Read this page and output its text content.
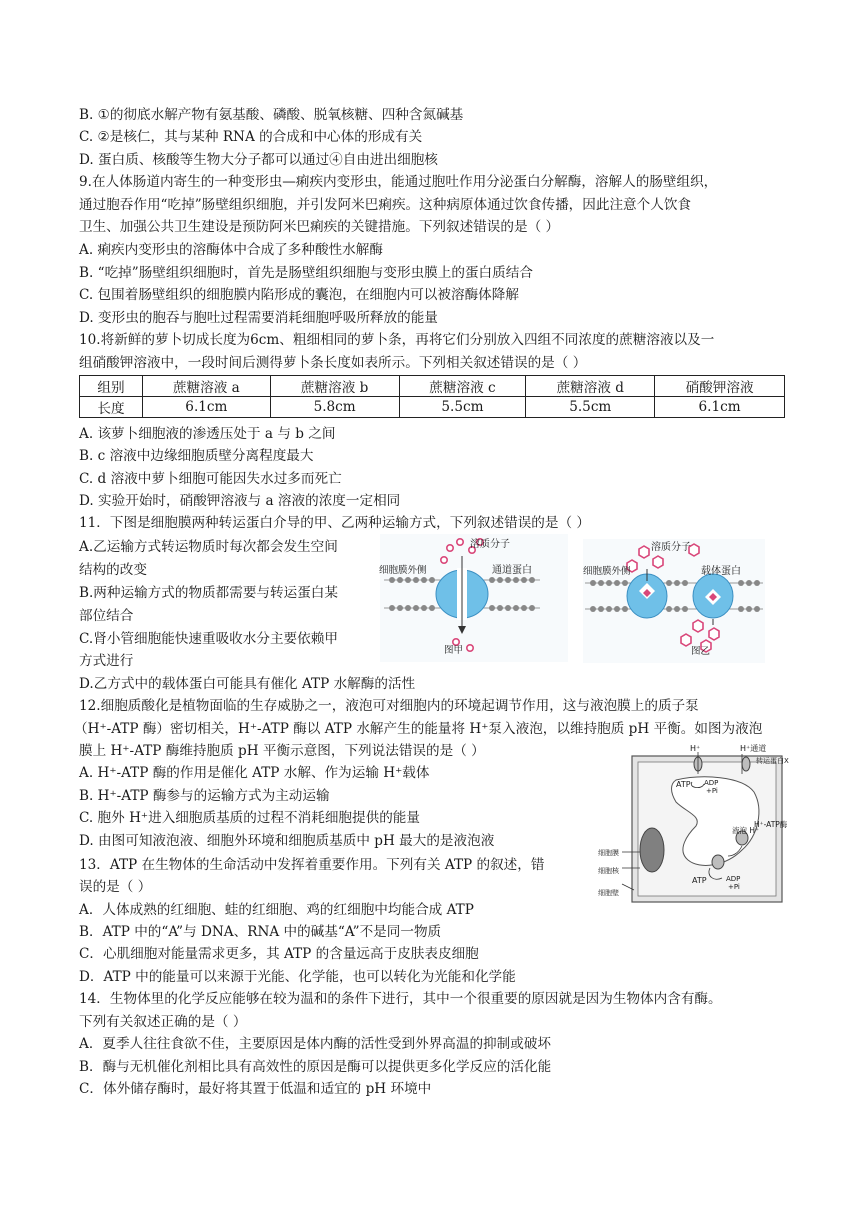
B. ①的彻底水解产物有氨基酸、磷酸、脱氧核糖、四种含氮碱基
C. ②是核仁，其与某种 RNA 的合成和中心体的形成有关
D. 蛋白质、核酸等生物大分子都可以通过④自由进出细胞核
9.在人体肠道内寄生的一种变形虫—痢疾内变形虫，能通过胞吐作用分泌蛋白分解酶，溶解人的肠壁组织，
通过胞吞作用“吃掉”肠壁组织细胞，并引发阿米巴痢疾。这种病原体通过饮食传播，因此注意个人饮食
卫生、加强公共卫生建设是预防阿米巴痢疾的关键措施。下列叙述错误的是（ ）
A. 痢疾内变形虫的溶酶体中合成了多种酸性水解酶
B. “吃掉”肠壁组织细胞时，首先是肠壁组织细胞与变形虫膜上的蛋白质结合
C. 包围着肠壁组织的细胞膜内陷形成的囊泡，在细胞内可以被溶酶体降解
D. 变形虫的胞吞与胞吐过程需要消耗细胞呼吸所释放的能量
10.将新鲜的萝卜切成长度为6cm、粗细相同的萝卜条，再将它们分别放入四组不同浓度的蔗糖溶液以及一
组硝酸钾溶液中，一段时间后测得萝卜条长度如表所示。下列相关叙述错误的是（ ）
组别	蔗糖溶液 a	蔗糖溶液 b	蔗糖溶液 c	蔗糖溶液 d	硝酸钾溶液
长度	6.1cm	5.8cm	5.5cm	5.5cm	6.1cm
A. 该萝卜细胞液的渗透压处于 a 与 b 之间
B. c 溶液中边缘细胞质壁分离程度最大
C. d 溶液中萝卜细胞可能因失水过多而死亡
D. 实验开始时，硝酸钾溶液与 a 溶液的浓度一定相同
11．下图是细胞膜两种转运蛋白介导的甲、乙两种运输方式，下列叙述错误的是（ ）
A.乙运输方式转运物质时每次都会发生空间
结构的改变
B.两种运输方式的物质都需要与转运蛋白某
部位结合
C.肾小管细胞能快速重吸收水分主要依赖甲
方式进行
D.乙方式中的载体蛋白可能具有催化 ATP 水解酶的活性
溶质分子
细胞膜外侧	通道蛋白
图甲
溶质分子
细胞膜外侧	载体蛋白
图乙
12.细胞质酸化是植物面临的生存威胁之一，液泡可对细胞内的环境起调节作用，这与液泡膜上的质子泵
（H⁺-ATP 酶）密切相关，H⁺-ATP 酶以 ATP 水解产生的能量将 H⁺泵入液泡，以维持胞质 pH 平衡。如图为液泡
膜上 H⁺-ATP 酶维持胞质 pH 平衡示意图，下列说法错误的是（ ）
A. H⁺-ATP 酶的作用是催化 ATP 水解、作为运输 H⁺载体
B. H⁺-ATP 酶参与的运输方式为主动运输
C. 胞外 H⁺进入细胞质基质的过程不消耗细胞提供的能量
D. 由图可知液泡液、细胞外环境和细胞质基质中 pH 最大的是液泡液
H⁺	H⁺通道
转运蛋白X
ATP ADP
+Pi
液泡 H⁺
H⁺-ATP酶
ATP	ADP
+Pi
细胞膜
细胞核
细胞壁
13．ATP 在生物体的生命活动中发挥着重要作用。下列有关 ATP 的叙述，错
误的是（ ）
A．人体成熟的红细胞、蛙的红细胞、鸡的红细胞中均能合成 ATP
B．ATP 中的“A”与 DNA、RNA 中的碱基“A”不是同一物质
C．心肌细胞对能量需求更多，其 ATP 的含量远高于皮肤表皮细胞
D．ATP 中的能量可以来源于光能、化学能，也可以转化为光能和化学能
14．生物体里的化学反应能够在较为温和的条件下进行，其中一个很重要的原因就是因为生物体内含有酶。
下列有关叙述正确的是（ ）
A．夏季人往往食欲不佳，主要原因是体内酶的活性受到外界高温的抑制或破坏
B．酶与无机催化剂相比具有高效性的原因是酶可以提供更多化学反应的活化能
C．体外储存酶时，最好将其置于低温和适宜的 pH 环境中
